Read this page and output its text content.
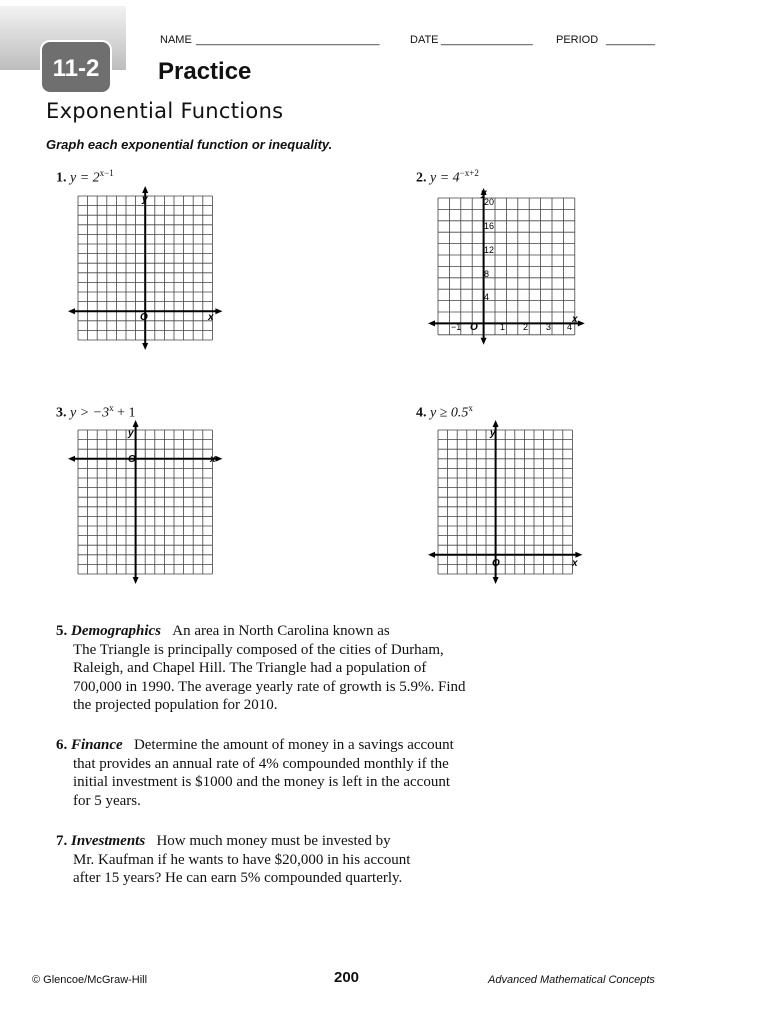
11-2
NAME ______________________________	DATE _______________ PERIOD ________
Practice
Exponential Functions

Graph each exponential function or inequality.

1. $y = 2^{x-1}$
y
x
O
2. $y = 4^{-x+2}$
20
16
12
8
4
−1	1 2 3 4
y
x
O
3. $y > -3^x + 1$
y
x
O
4. $y \ge 0.5^x$
y
x
O
5. Demographics An area in North Carolina known as
The Triangle is principally composed of the cities of Durham,
Raleigh, and Chapel Hill. The Triangle had a population of
700,000 in 1990. The average yearly rate of growth is 5.9%. Find
the projected population for 2010.
6. Finance Determine the amount of money in a savings account
that provides an annual rate of 4% compounded monthly if the
initial investment is $1000 and the money is left in the account
for 5 years.
7. Investments How much money must be invested by
Mr. Kaufman if he wants to have $20,000 in his account
after 15 years? He can earn 5% compounded quarterly.
© Glencoe/McGraw-Hill	200	Advanced Mathematical Concepts
